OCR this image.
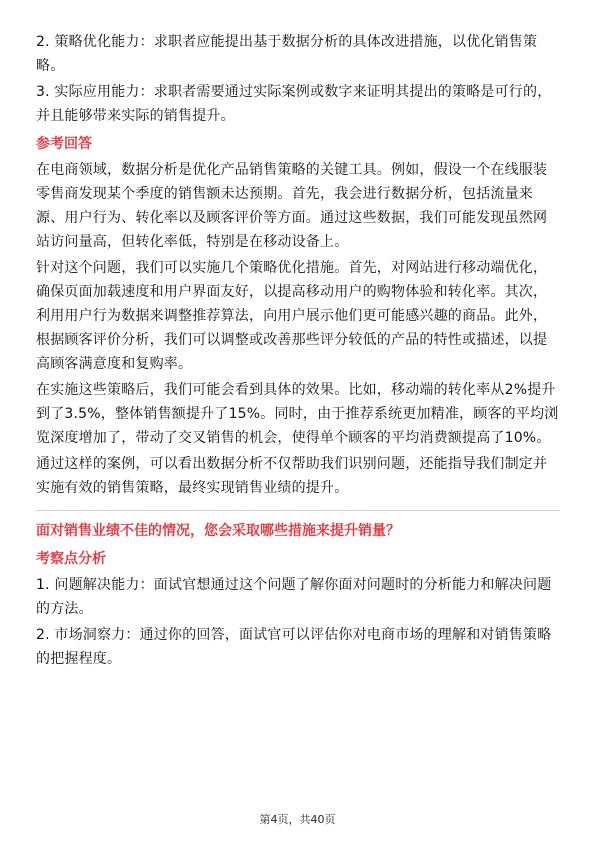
2. 策略优化能力：求职者应能提出基于数据分析的具体改进措施，以优化销售策略。

3. 实际应用能力：求职者需要通过实际案例或数字来证明其提出的策略是可行的，并且能够带来实际的销售提升。

参考回答

在电商领域，数据分析是优化产品销售策略的关键工具。例如，假设一个在线服装零售商发现某个季度的销售额未达预期。首先，我会进行数据分析，包括流量来源、用户行为、转化率以及顾客评价等方面。通过这些数据，我们可能发现虽然网站访问量高，但转化率低，特别是在移动设备上。

针对这个问题，我们可以实施几个策略优化措施。首先，对网站进行移动端优化，确保页面加载速度和用户界面友好，以提高移动用户的购物体验和转化率。其次，利用用户行为数据来调整推荐算法，向用户展示他们更可能感兴趣的商品。此外，根据顾客评价分析，我们可以调整或改善那些评分较低的产品的特性或描述，以提高顾客满意度和复购率。

在实施这些策略后，我们可能会看到具体的效果。比如，移动端的转化率从2%提升到了3.5%，整体销售额提升了15%。同时，由于推荐系统更加精准，顾客的平均浏览深度增加了，带动了交叉销售的机会，使得单个顾客的平均消费额提高了10%。

通过这样的案例，可以看出数据分析不仅帮助我们识别问题，还能指导我们制定并实施有效的销售策略，最终实现销售业绩的提升。

面对销售业绩不佳的情况，您会采取哪些措施来提升销量？
考察点分析

1. 问题解决能力：面试官想通过这个问题了解你面对问题时的分析能力和解决问题的方法。

2. 市场洞察力：通过你的回答，面试官可以评估你对电商市场的理解和对销售策略的把握程度。

第4页，共40页
